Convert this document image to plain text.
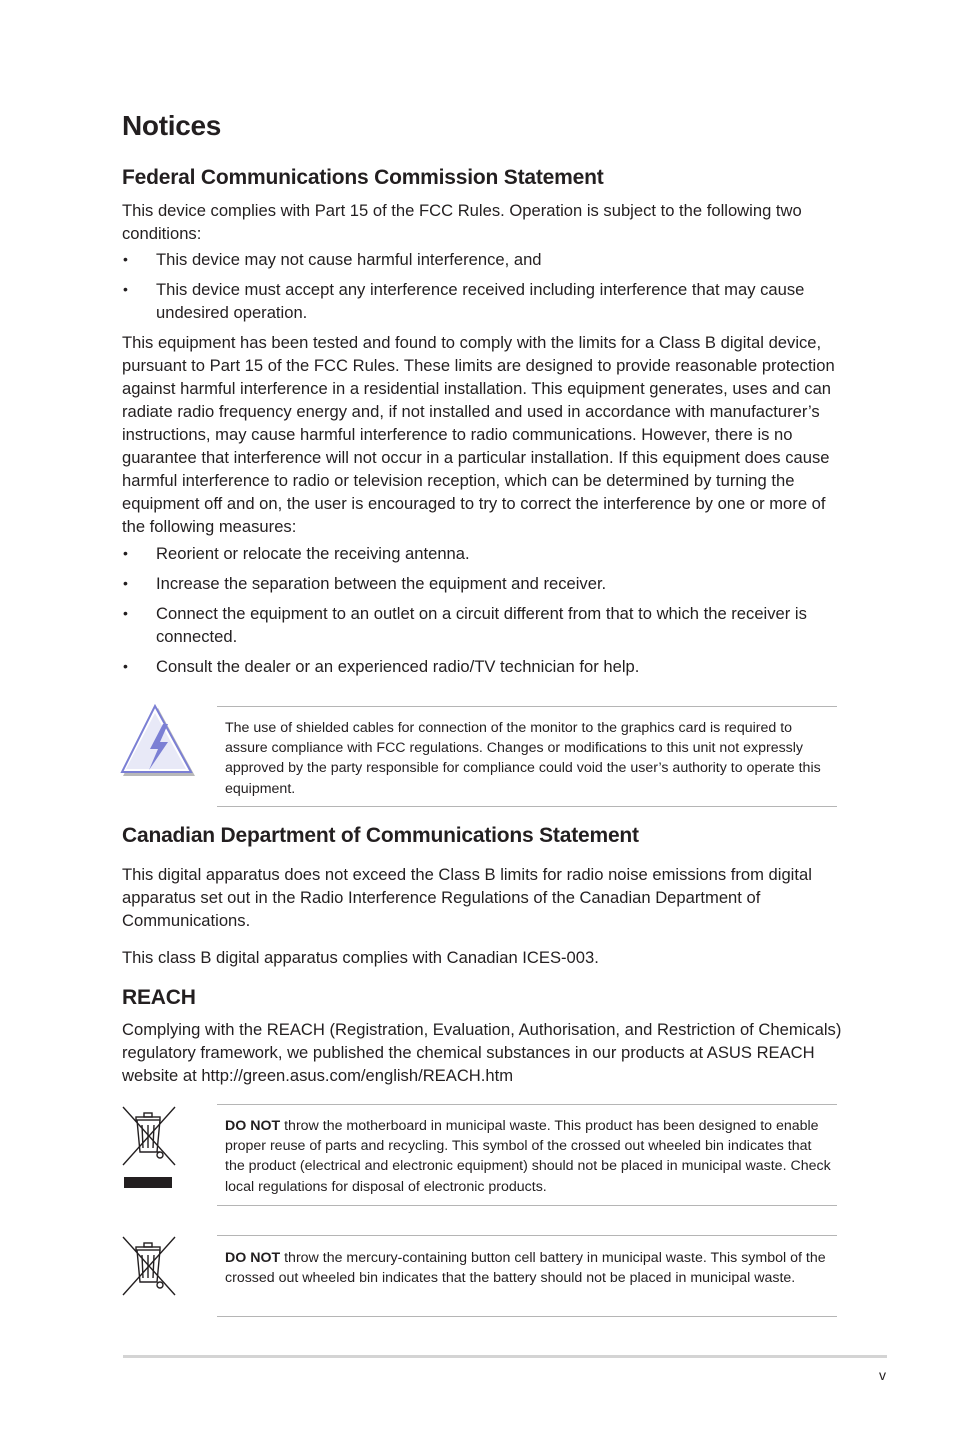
Notices
Federal Communications Commission Statement
This device complies with Part 15 of the FCC Rules. Operation is subject to the following two conditions:
• This device may not cause harmful interference, and
• This device must accept any interference received including interference that may cause undesired operation.
This equipment has been tested and found to comply with the limits for a Class B digital device, pursuant to Part 15 of the FCC Rules. These limits are designed to provide reasonable protection against harmful interference in a residential installation. This equipment generates, uses and can radiate radio frequency energy and, if not installed and used in accordance with manufacturer’s instructions, may cause harmful interference to radio communications. However, there is no guarantee that interference will not occur in a particular installation. If this equipment does cause harmful interference to radio or television reception, which can be determined by turning the equipment off and on, the user is encouraged to try to correct the interference by one or more of the following measures:
• Reorient or relocate the receiving antenna.
• Increase the separation between the equipment and receiver.
• Connect the equipment to an outlet on a circuit different from that to which the receiver is connected.
• Consult the dealer or an experienced radio/TV technician for help.
The use of shielded cables for connection of the monitor to the graphics card is required to assure compliance with FCC regulations. Changes or modifications to this unit not expressly approved by the party responsible for compliance could void the user’s authority to operate this equipment.
Canadian Department of Communications Statement
This digital apparatus does not exceed the Class B limits for radio noise emissions from digital apparatus set out in the Radio Interference Regulations of the Canadian Department of Communications.
This class B digital apparatus complies with Canadian ICES-003.
REACH
Complying with the REACH (Registration, Evaluation, Authorisation, and Restriction of Chemicals) regulatory framework, we published the chemical substances in our products at ASUS REACH website at http://green.asus.com/english/REACH.htm
DO NOT throw the motherboard in municipal waste. This product has been designed to enable proper reuse of parts and recycling. This symbol of the crossed out wheeled bin indicates that the product (electrical and electronic equipment) should not be placed in municipal waste. Check local regulations for disposal of electronic products.
DO NOT throw the mercury-containing button cell battery in municipal waste. This symbol of the crossed out wheeled bin indicates that the battery should not be placed in municipal waste.
v
